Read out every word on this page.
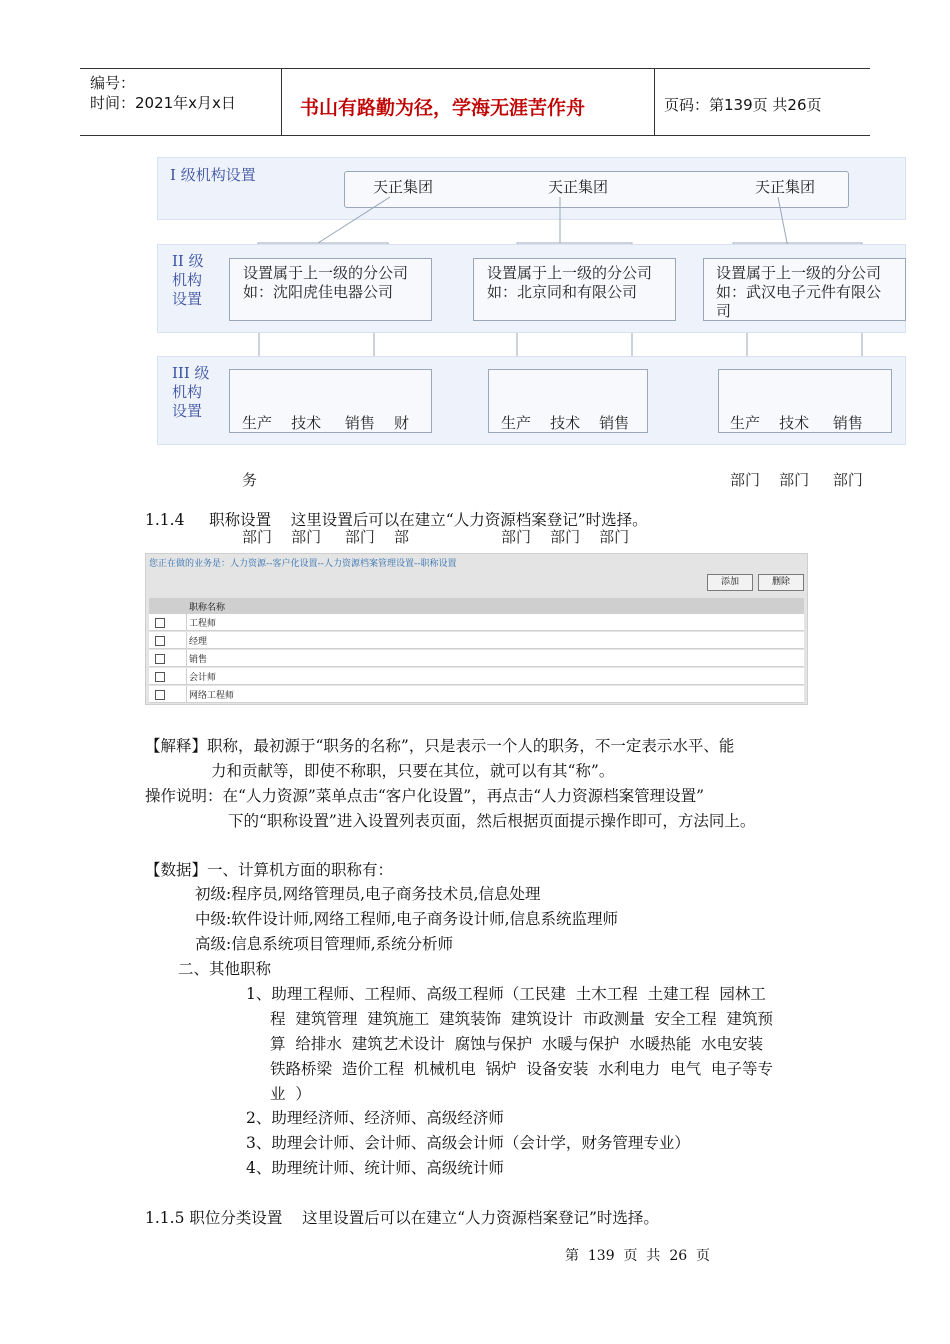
编号：
时间：2021年x月x日	书山有路勤为径，学海无涯苦作舟	页码：第139页 共26页
I 级机构设置
天正集团	天正集团	天正集团
II 级
机构
设置
设置属于上一级的分公司
如：沈阳虎佳电器公司
设置属于上一级的分公司
如：北京同和有限公司
设置属于上一级的分公司
如：武汉电子元件有限公
司
III 级
机构
设置

生产    技术     销售    财

务

部门    部门     部门    部

生产    技术    销售

部门    部门    部门

生产    技术     销售

部门    部门     部门

1.1.4     职称设置    这里设置后可以在建立“人力资源档案登记”时选择。
您正在做的业务是：人力资源--客户化设置--人力资源档案管理设置--职称设置
添加	删除
职称名称
工程师
经理
销售
会计师
网络工程师
【解释】职称，最初源于“职务的名称”，只是表示一个人的职务，不一定表示水平、能
力和贡献等，即使不称职，只要在其位，就可以有其“称”。
操作说明：在“人力资源”菜单点击“客户化设置”，再点击“人力资源档案管理设置”
下的“职称设置”进入设置列表页面，然后根据页面提示操作即可，方法同上。
【数据】一、计算机方面的职称有：
初级:程序员,网络管理员,电子商务技术员,信息处理
中级:软件设计师,网络工程师,电子商务设计师,信息系统监理师
高级:信息系统项目管理师,系统分析师
二、其他职称
1、助理工程师、工程师、高级工程师（工民建  土木工程  土建工程  园林工
程  建筑管理  建筑施工  建筑装饰  建筑设计  市政测量  安全工程  建筑预
算  给排水  建筑艺术设计  腐蚀与保护  水暖与保护  水暖热能  水电安装
铁路桥梁  造价工程  机械机电  锅炉  设备安装  水利电力  电气  电子等专
业  ）
2、助理经济师、经济师、高级经济师
3、助理会计师、会计师、高级会计师（会计学，财务管理专业）
4、助理统计师、统计师、高级统计师
1.1.5 职位分类设置    这里设置后可以在建立“人力资源档案登记”时选择。
第  139  页  共  26  页
